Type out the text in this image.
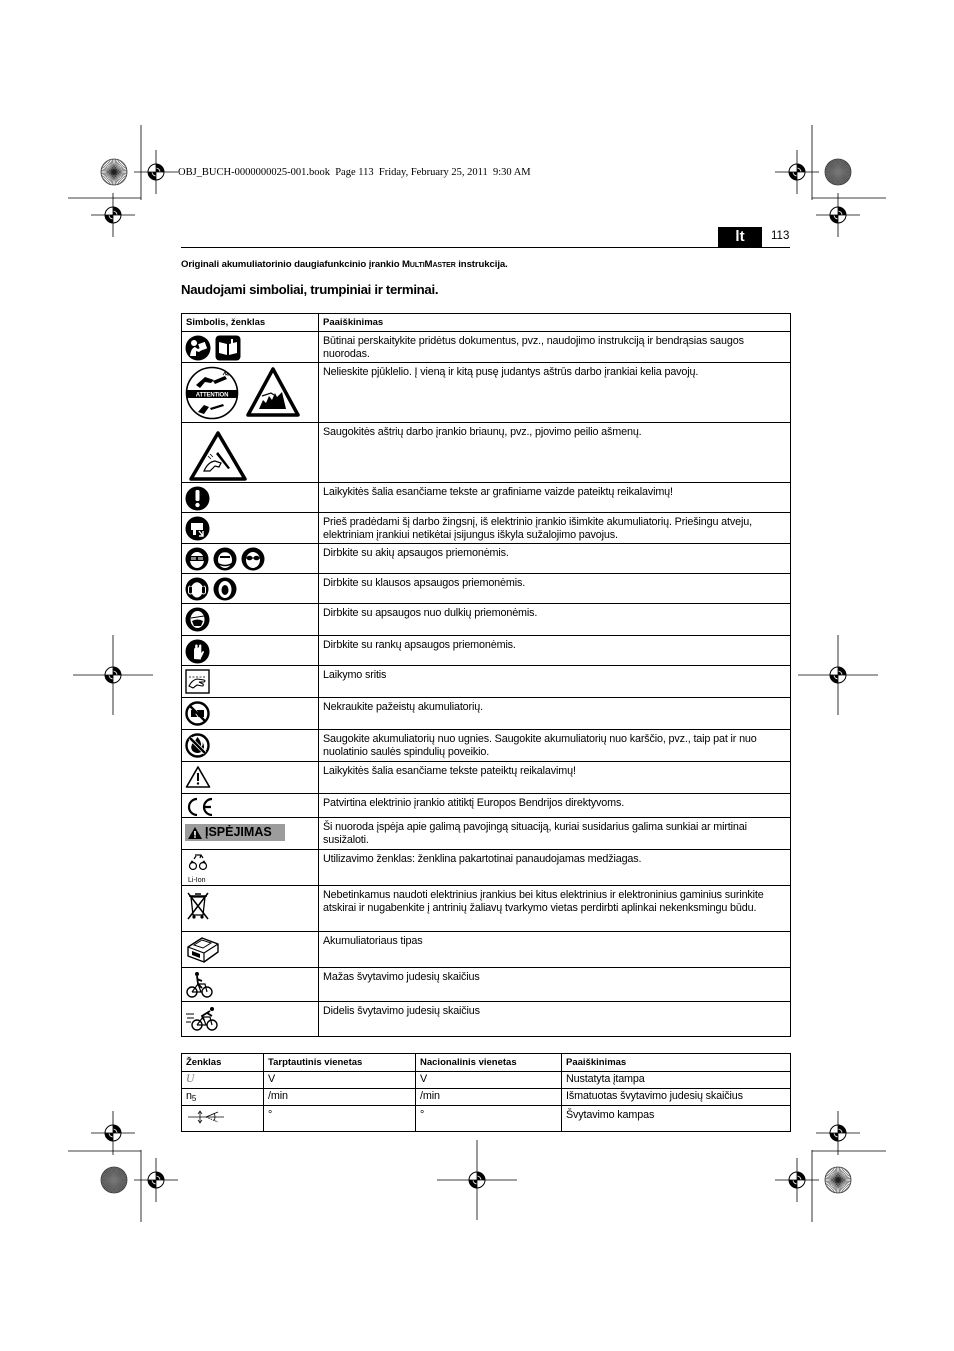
OBJ_BUCH-0000000025-001.book  Page 113  Friday, February 25, 2011  9:30 AM
lt	113
Originali akumuliatorinio daugiafunkcinio įrankio MultiMaster instrukcija.
Naudojami simboliai, trumpiniai ir terminai.
Simbolis, ženklas	Paaiškinimas

	Būtinai perskaitykite pridėtus dokumentus, pvz., naudojimo instrukciją ir bendrąsias saugos nuorodas.

ATTENTION	Nelieskite pjūklelio. Į vieną ir kitą pusę judantys aštrūs darbo įrankiai kelia pavojų.

	Saugokitės aštrių darbo įrankio briaunų, pvz., pjovimo peilio ašmenų.

	Laikykitės šalia esančiame tekste ar grafiniame vaizde pateiktų reikalavimų!

	Prieš pradėdami šį darbo žingsnį, iš elektrinio įrankio išimkite akumuliatorių. Priešingu atveju, elektriniam įrankiui netikėtai įsijungus iškyla sužalojimo pavojus.

	Dirbkite su akių apsaugos priemonėmis.

	Dirbkite su klausos apsaugos priemonėmis.

	Dirbkite su apsaugos nuo dulkių priemonėmis.

	Dirbkite su rankų apsaugos priemonėmis.

	Laikymo sritis

	Nekraukite pažeistų akumuliatorių.

	Saugokite akumuliatorių nuo ugnies. Saugokite akumuliatorių nuo karščio, pvz., taip pat ir nuo nuolatinio saulės spindulių poveikio.

	Laikykitės šalia esančiame tekste pateiktų reikalavimų!

	Patvirtina elektrinio įrankio atitiktį Europos Bendrijos direktyvoms.

ĮSPĖJIMAS	Ši nuoroda įspėja apie galimą pavojingą situaciją, kuriai susidarius galima sunkiai ar mirtinai susižaloti.

Li-Ion	Utilizavimo ženklas: ženklina pakartotinai panaudojamas medžiagas.

	Nebetinkamus naudoti elektrinius įrankius bei kitus elektrinius ir elektroninius gaminius surinkite atskirai ir nugabenkite į antrinių žaliavų tvarkymo vietas perdirbti aplinkai nekenksmingu būdu.

	Akumuliatoriaus tipas

	Mažas švytavimo judesių skaičius

	Didelis švytavimo judesių skaičius
Ženklas	Tarptautinis vienetas	Nacionalinis vienetas	Paaiškinimas
U	V	V	Nustatyta įtampa
$n_5$	/min	/min	Išmatuotas švytavimo judesių skaičius
	°	°	Švytavimo kampas
